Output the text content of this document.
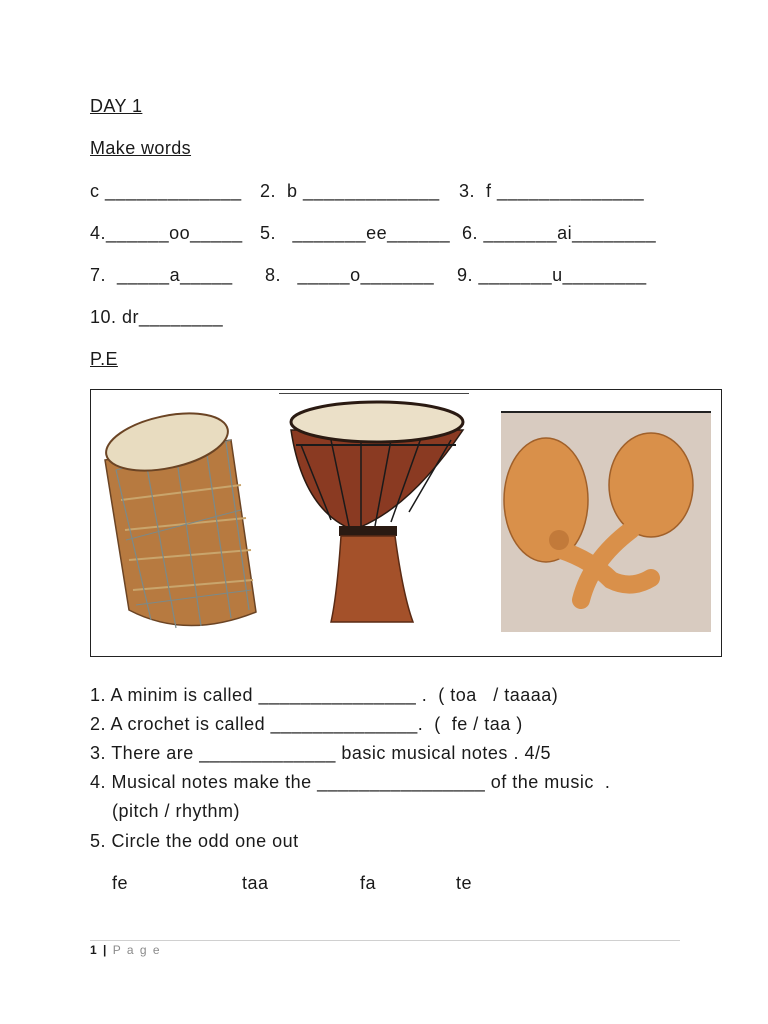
DAY 1
Make words
c _____________ 2.  b _____________ 3.  f ______________
4.______oo_____ 5.   _______ee______ 6. _______ai________
7.  _____a_____ 8.   _____o_______ 9. _______u________
10. dr________
P.E
1. A minim is called _______________ .  ( toa   / taaaa)
2. A crochet is called ______________.  (  fe / taa )
3. There are _____________ basic musical notes . 4/5
4. Musical notes make the ________________ of the music  .
(pitch / rhythm)
5. Circle the odd one out
fe	taa	fa	te
1 | P a g e
